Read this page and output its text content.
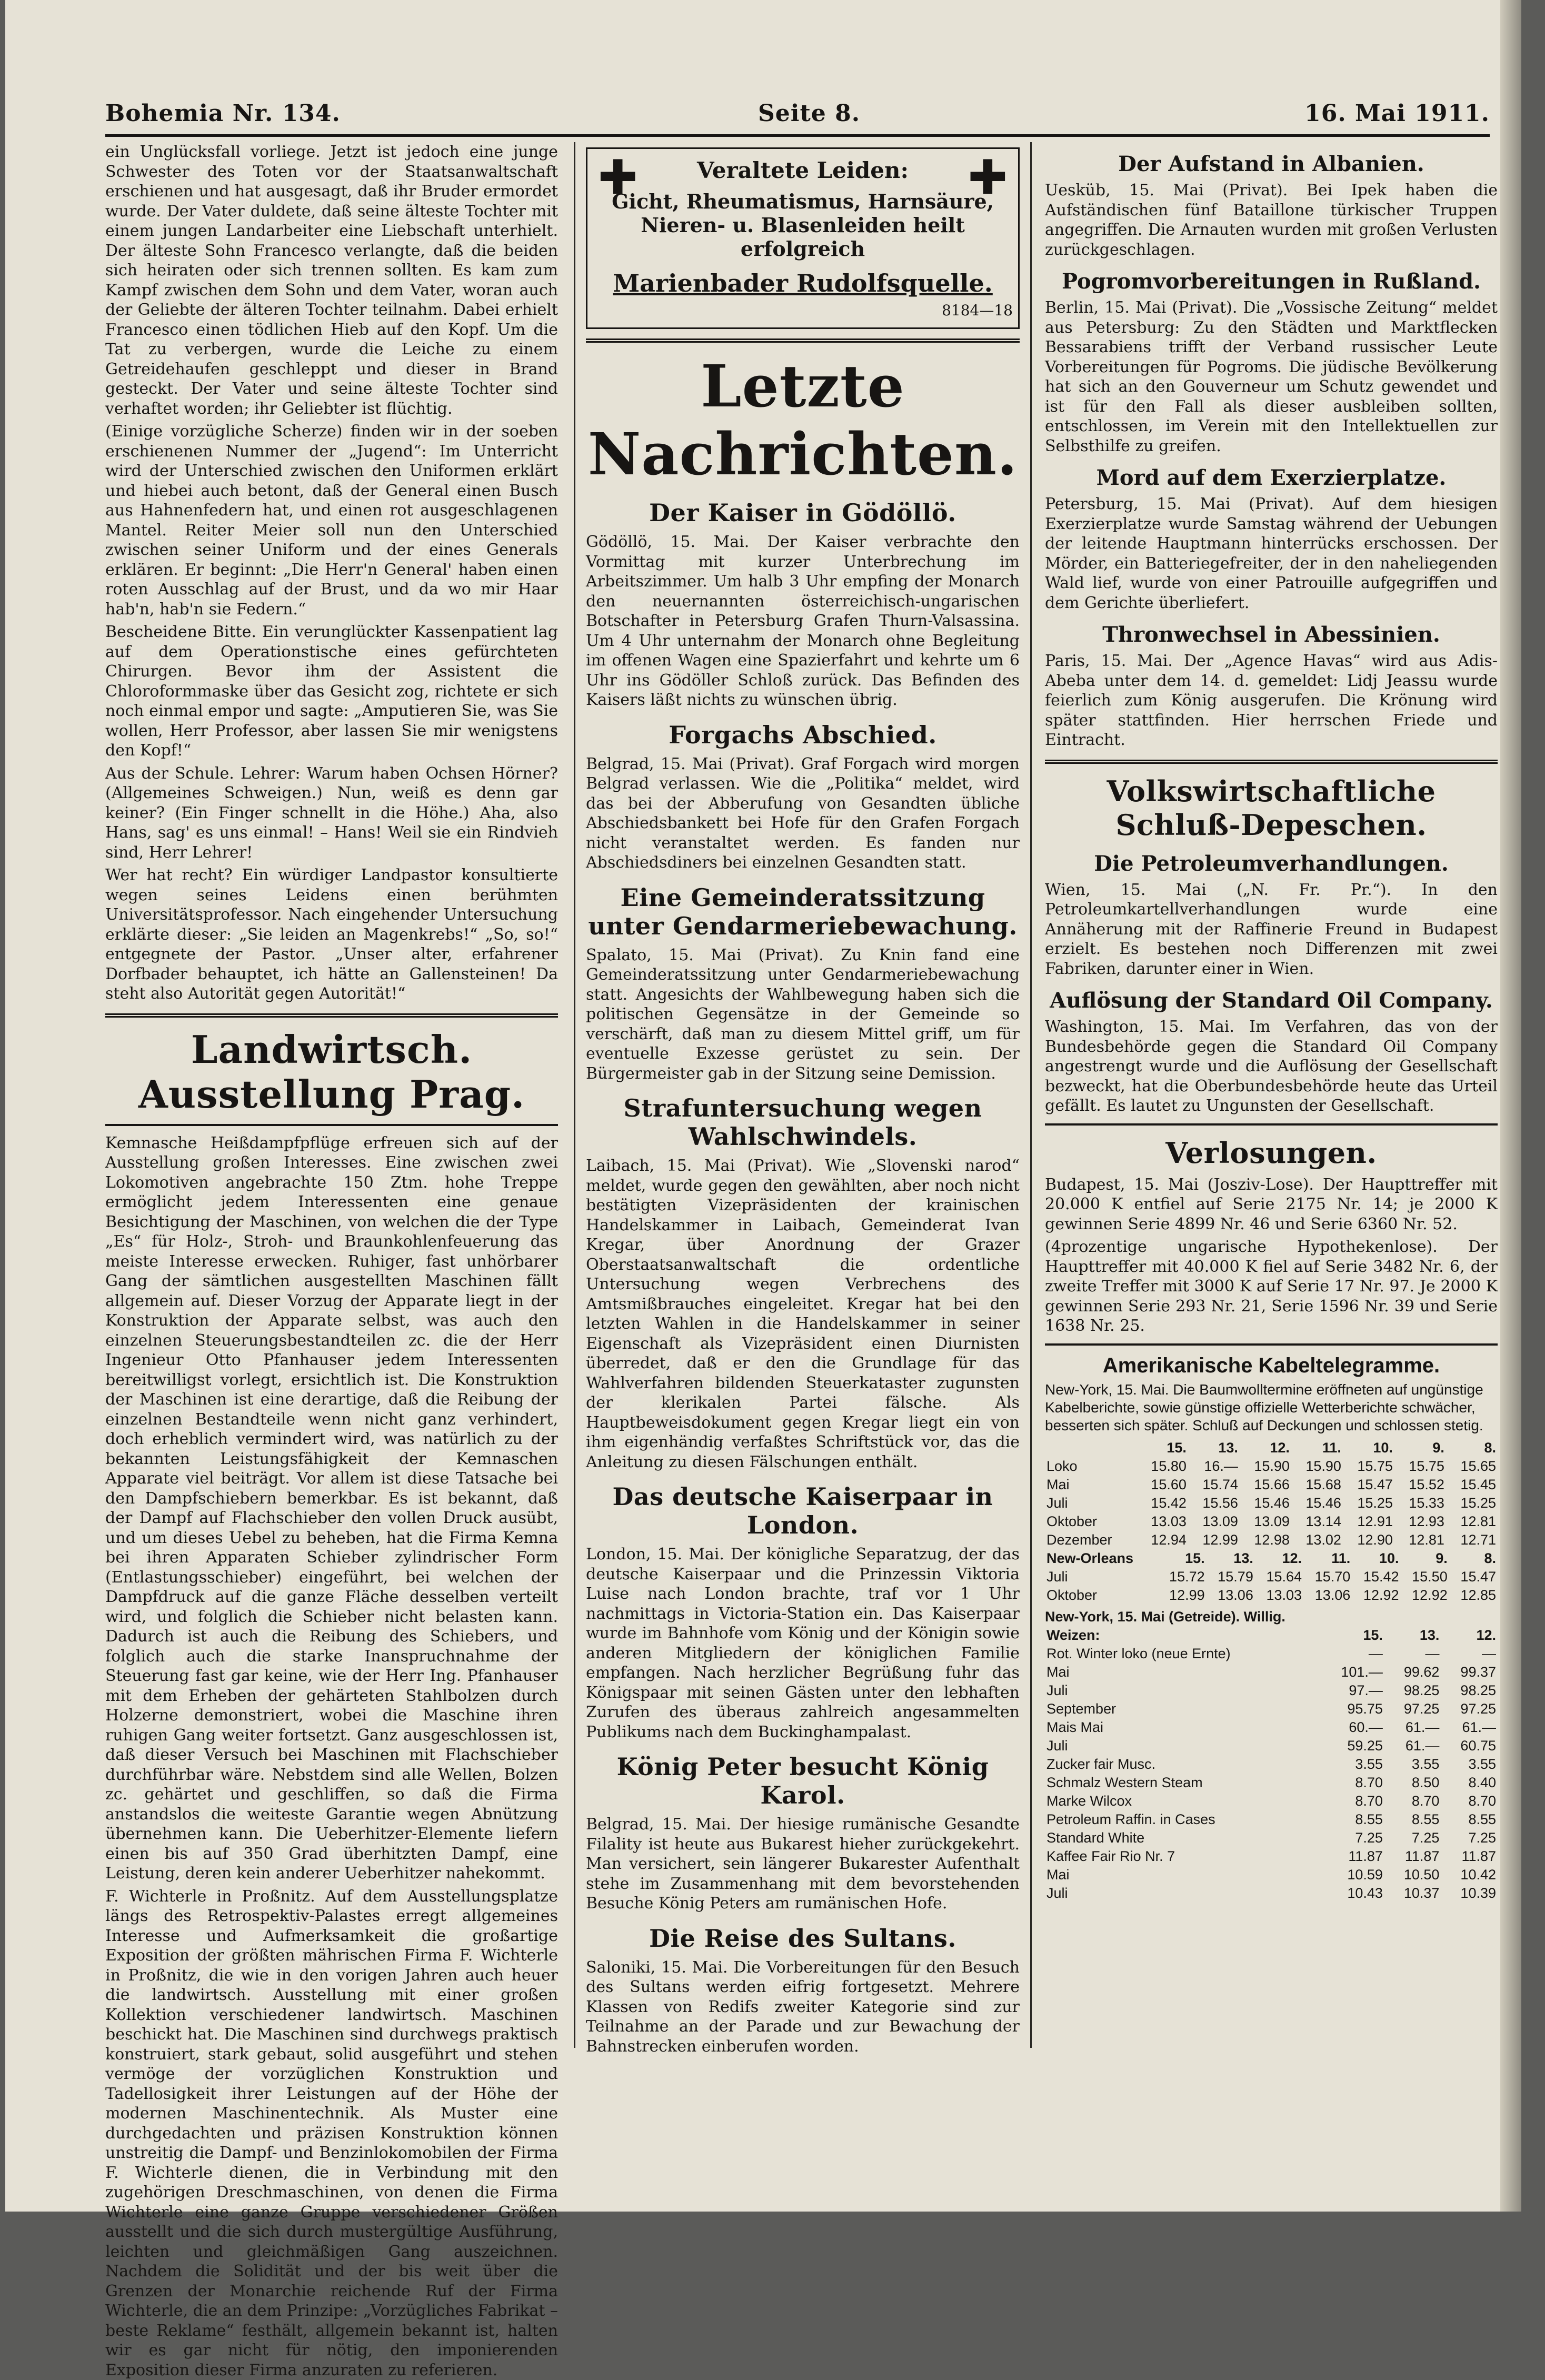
Bohemia Nr. 134.	Seite 8.	16. Mai 1911.

ein Unglücksfall vorliege. Jetzt ist jedoch eine junge Schwester des Toten vor der Staatsanwaltschaft erschienen und hat ausgesagt, daß ihr Bruder ermordet wurde. Der Vater duldete, daß seine älteste Tochter mit einem jungen Landarbeiter eine Liebschaft unterhielt. Der älteste Sohn Francesco verlangte, daß die beiden sich heiraten oder sich trennen sollten. Es kam zum Kampf zwischen dem Sohn und dem Vater, woran auch der Geliebte der älteren Tochter teilnahm. Dabei erhielt Francesco einen tödlichen Hieb auf den Kopf. Um die Tat zu verbergen, wurde die Leiche zu einem Getreidehaufen geschleppt und dieser in Brand gesteckt. Der Vater und seine älteste Tochter sind verhaftet worden; ihr Geliebter ist flüchtig.

(Einige vorzügliche Scherze) finden wir in der soeben erschienenen Nummer der „Jugend“: Im Unterricht wird der Unterschied zwischen den Uniformen erklärt und hiebei auch betont, daß der General einen Busch aus Hahnenfedern hat, und einen rot ausgeschlagenen Mantel. Reiter Meier soll nun den Unterschied zwischen seiner Uniform und der eines Generals erklären. Er beginnt: „Die Herr'n General' haben einen roten Ausschlag auf der Brust, und da wo mir Haar hab'n, hab'n sie Federn.“

Bescheidene Bitte. Ein verunglückter Kassenpatient lag auf dem Operationstische eines gefürchteten Chirurgen. Bevor ihm der Assistent die Chloroformmaske über das Gesicht zog, richtete er sich noch einmal empor und sagte: „Amputieren Sie, was Sie wollen, Herr Professor, aber lassen Sie mir wenigstens den Kopf!“

Aus der Schule. Lehrer: Warum haben Ochsen Hörner? (Allgemeines Schweigen.) Nun, weiß es denn gar keiner? (Ein Finger schnellt in die Höhe.) Aha, also Hans, sag' es uns einmal! – Hans! Weil sie ein Rindvieh sind, Herr Lehrer!

Wer hat recht? Ein würdiger Landpastor konsultierte wegen seines Leidens einen berühmten Universitätsprofessor. Nach eingehender Untersuchung erklärte dieser: „Sie leiden an Magenkrebs!“ „So, so!“ entgegnete der Pastor. „Unser alter, erfahrener Dorfbader behauptet, ich hätte an Gallensteinen! Da steht also Autorität gegen Autorität!“

Landwirtsch. Ausstellung Prag.

Kemnasche Heißdampfpflüge erfreuen sich auf der Ausstellung großen Interesses. Eine zwischen zwei Lokomotiven angebrachte 150 Ztm. hohe Treppe ermöglicht jedem Interessenten eine genaue Besichtigung der Maschinen, von welchen die der Type „Es“ für Holz-, Stroh- und Braunkohlenfeuerung das meiste Interesse erwecken. Ruhiger, fast unhörbarer Gang der sämtlichen ausgestellten Maschinen fällt allgemein auf. Dieser Vorzug der Apparate liegt in der Konstruktion der Apparate selbst, was auch den einzelnen Steuerungsbestandteilen zc. die der Herr Ingenieur Otto Pfanhauser jedem Interessenten bereitwilligst vorlegt, ersichtlich ist. Die Konstruktion der Maschinen ist eine derartige, daß die Reibung der einzelnen Bestandteile wenn nicht ganz verhindert, doch erheblich vermindert wird, was natürlich zu der bekannten Leistungsfähigkeit der Kemnaschen Apparate viel beiträgt. Vor allem ist diese Tatsache bei den Dampfschiebern bemerkbar. Es ist bekannt, daß der Dampf auf Flachschieber den vollen Druck ausübt, und um dieses Uebel zu beheben, hat die Firma Kemna bei ihren Apparaten Schieber zylindrischer Form (Entlastungsschieber) eingeführt, bei welchen der Dampfdruck auf die ganze Fläche desselben verteilt wird, und folglich die Schieber nicht belasten kann. Dadurch ist auch die Reibung des Schiebers, und folglich auch die starke Inanspruchnahme der Steuerung fast gar keine, wie der Herr Ing. Pfanhauser mit dem Erheben der gehärteten Stahlbolzen durch Holzerne demonstriert, wobei die Maschine ihren ruhigen Gang weiter fortsetzt. Ganz ausgeschlossen ist, daß dieser Versuch bei Maschinen mit Flachschieber durchführbar wäre. Nebstdem sind alle Wellen, Bolzen zc. gehärtet und geschliffen, so daß die Firma anstandslos die weiteste Garantie wegen Abnützung übernehmen kann. Die Ueberhitzer-Elemente liefern einen bis auf 350 Grad überhitzten Dampf, eine Leistung, deren kein anderer Ueberhitzer nahekommt.

F. Wichterle in Proßnitz. Auf dem Ausstellungsplatze längs des Retrospektiv-Palastes erregt allgemeines Interesse und Aufmerksamkeit die großartige Exposition der größten mährischen Firma F. Wichterle in Proßnitz, die wie in den vorigen Jahren auch heuer die landwirtsch. Ausstellung mit einer großen Kollektion verschiedener landwirtsch. Maschinen beschickt hat. Die Maschinen sind durchwegs praktisch konstruiert, stark gebaut, solid ausgeführt und stehen vermöge der vorzüglichen Konstruktion und Tadellosigkeit ihrer Leistungen auf der Höhe der modernen Maschinentechnik. Als Muster eine durchgedachten und präzisen Konstruktion können unstreitig die Dampf- und Benzinlokomobilen der Firma F. Wichterle dienen, die in Verbindung mit den zugehörigen Dreschmaschinen, von denen die Firma Wichterle eine ganze Gruppe verschiedener Größen ausstellt und die sich durch mustergültige Ausführung, leichten und gleichmäßigen Gang auszeichnen. Nachdem die Solidität und der bis weit über die Grenzen der Monarchie reichende Ruf der Firma Wichterle, die an dem Prinzipe: „Vorzügliches Fabrikat – beste Reklame“ festhält, allgemein bekannt ist, halten wir es gar nicht für nötig, den imponierenden Exposition dieser Firma anzuraten zu referieren.

✚	✚
Veraltete Leiden:
Gicht, Rheumatismus, Harnsäure, Nieren- u. Blasenleiden heilt erfolgreich
Marienbader Rudolfsquelle.
8184—18
Letzte Nachrichten.
Der Kaiser in Gödöllö.

Gödöllö, 15. Mai. Der Kaiser verbrachte den Vormittag mit kurzer Unterbrechung im Arbeitszimmer. Um halb 3 Uhr empfing der Monarch den neuernannten österreichisch-ungarischen Botschafter in Petersburg Grafen Thurn-Valsassina. Um 4 Uhr unternahm der Monarch ohne Begleitung im offenen Wagen eine Spazierfahrt und kehrte um 6 Uhr ins Gödöller Schloß zurück. Das Befinden des Kaisers läßt nichts zu wünschen übrig.

Forgachs Abschied.

Belgrad, 15. Mai (Privat). Graf Forgach wird morgen Belgrad verlassen. Wie die „Politika“ meldet, wird das bei der Abberufung von Gesandten übliche Abschiedsbankett bei Hofe für den Grafen Forgach nicht veranstaltet werden. Es fanden nur Abschiedsdiners bei einzelnen Gesandten statt.

Eine Gemeinderatssitzung unter Gendarmeriebewachung.

Spalato, 15. Mai (Privat). Zu Knin fand eine Gemeinderatssitzung unter Gendarmeriebewachung statt. Angesichts der Wahlbewegung haben sich die politischen Gegensätze in der Gemeinde so verschärft, daß man zu diesem Mittel griff, um für eventuelle Exzesse gerüstet zu sein. Der Bürgermeister gab in der Sitzung seine Demission.

Strafuntersuchung wegen Wahlschwindels.

Laibach, 15. Mai (Privat). Wie „Slovenski narod“ meldet, wurde gegen den gewählten, aber noch nicht bestätigten Vizepräsidenten der krainischen Handelskammer in Laibach, Gemeinderat Ivan Kregar, über Anordnung der Grazer Oberstaatsanwaltschaft die ordentliche Untersuchung wegen Verbrechens des Amtsmißbrauches eingeleitet. Kregar hat bei den letzten Wahlen in die Handelskammer in seiner Eigenschaft als Vizepräsident einen Diurnisten überredet, daß er den die Grundlage für das Wahlverfahren bildenden Steuerkataster zugunsten der klerikalen Partei fälsche. Als Hauptbeweisdokument gegen Kregar liegt ein von ihm eigenhändig verfaßtes Schriftstück vor, das die Anleitung zu diesen Fälschungen enthält.

Das deutsche Kaiserpaar in London.

London, 15. Mai. Der königliche Separatzug, der das deutsche Kaiserpaar und die Prinzessin Viktoria Luise nach London brachte, traf vor 1 Uhr nachmittags in Victoria-Station ein. Das Kaiserpaar wurde im Bahnhofe vom König und der Königin sowie anderen Mitgliedern der königlichen Familie empfangen. Nach herzlicher Begrüßung fuhr das Königspaar mit seinen Gästen unter den lebhaften Zurufen des überaus zahlreich angesammelten Publikums nach dem Buckinghampalast.

König Peter besucht König Karol.

Belgrad, 15. Mai. Der hiesige rumänische Gesandte Filality ist heute aus Bukarest hieher zurückgekehrt. Man versichert, sein längerer Bukarester Aufenthalt stehe im Zusammenhang mit dem bevorstehenden Besuche König Peters am rumänischen Hofe.

Die Reise des Sultans.

Saloniki, 15. Mai. Die Vorbereitungen für den Besuch des Sultans werden eifrig fortgesetzt. Mehrere Klassen von Redifs zweiter Kategorie sind zur Teilnahme an der Parade und zur Bewachung der Bahnstrecken einberufen worden.

Der Aufstand in Albanien.

Uesküb, 15. Mai (Privat). Bei Ipek haben die Aufständischen fünf Bataillone türkischer Truppen angegriffen. Die Arnauten wurden mit großen Verlusten zurückgeschlagen.

Pogromvorbereitungen in Rußland.

Berlin, 15. Mai (Privat). Die „Vossische Zeitung“ meldet aus Petersburg: Zu den Städten und Marktflecken Bessarabiens trifft der Verband russischer Leute Vorbereitungen für Pogroms. Die jüdische Bevölkerung hat sich an den Gouverneur um Schutz gewendet und ist für den Fall als dieser ausbleiben sollten, entschlossen, im Verein mit den Intellektuellen zur Selbsthilfe zu greifen.

Mord auf dem Exerzierplatze.

Petersburg, 15. Mai (Privat). Auf dem hiesigen Exerzierplatze wurde Samstag während der Uebungen der leitende Hauptmann hinterrücks erschossen. Der Mörder, ein Batteriegefreiter, der in den naheliegenden Wald lief, wurde von einer Patrouille aufgegriffen und dem Gerichte überliefert.

Thronwechsel in Abessinien.

Paris, 15. Mai. Der „Agence Havas“ wird aus Adis-Abeba unter dem 14. d. gemeldet: Lidj Jeassu wurde feierlich zum König ausgerufen. Die Krönung wird später stattfinden. Hier herrschen Friede und Eintracht.

Volkswirtschaftliche Schluß-Depeschen.
Die Petroleumverhandlungen.

Wien, 15. Mai („N. Fr. Pr.“). In den Petroleumkartellverhandlungen wurde eine Annäherung mit der Raffinerie Freund in Budapest erzielt. Es bestehen noch Differenzen mit zwei Fabriken, darunter einer in Wien.

Auflösung der Standard Oil Company.

Washington, 15. Mai. Im Verfahren, das von der Bundesbehörde gegen die Standard Oil Company angestrengt wurde und die Auflösung der Gesellschaft bezweckt, hat die Oberbundesbehörde heute das Urteil gefällt. Es lautet zu Ungunsten der Gesellschaft.

Verlosungen.

Budapest, 15. Mai (Josziv-Lose). Der Haupttreffer mit 20.000 K entfiel auf Serie 2175 Nr. 14; je 2000 K gewinnen Serie 4899 Nr. 46 und Serie 6360 Nr. 52.

(4prozentige ungarische Hypothekenlose). Der Haupttreffer mit 40.000 K fiel auf Serie 3482 Nr. 6, der zweite Treffer mit 3000 K auf Serie 17 Nr. 97. Je 2000 K gewinnen Serie 293 Nr. 21, Serie 1596 Nr. 39 und Serie 1638 Nr. 25.

Amerikanische Kabeltelegramme.
New-York, 15. Mai. Die Baumwolltermine eröffneten auf ungünstige Kabelberichte, sowie günstige offizielle Wetterberichte schwächer, besserten sich später. Schluß auf Deckungen und schlossen stetig.
	15.	13.	12.	11.	10.	9.	8.
Loko	15.80	16.—	15.90	15.90	15.75	15.75	15.65
Mai	15.60	15.74	15.66	15.68	15.47	15.52	15.45
Juli	15.42	15.56	15.46	15.46	15.25	15.33	15.25
Oktober	13.03	13.09	13.09	13.14	12.91	12.93	12.81
Dezember	12.94	12.99	12.98	13.02	12.90	12.81	12.71
New-Orleans	15.	13.	12.	11.	10.	9.	8.
Juli	15.72	15.79	15.64	15.70	15.42	15.50	15.47
Oktober	12.99	13.06	13.03	13.06	12.92	12.92	12.85
New-York, 15. Mai (Getreide). Willig.
Weizen:	15.	13.	12.
Rot. Winter loko (neue Ernte)	—	—	—
Mai	101.—	99.62	99.37
Juli	97.—	98.25	98.25
September	95.75	97.25	97.25
Mais Mai	60.—	61.—	61.—
Juli	59.25	61.—	60.75
Zucker fair Musc.	3.55	3.55	3.55
Schmalz Western Steam	8.70	8.50	8.40
Marke Wilcox	8.70	8.70	8.70
Petroleum Raffin. in Cases	8.55	8.55	8.55
Standard White	7.25	7.25	7.25
Kaffee Fair Rio Nr. 7	11.87	11.87	11.87
Mai	10.59	10.50	10.42
Juli	10.43	10.37	10.39
